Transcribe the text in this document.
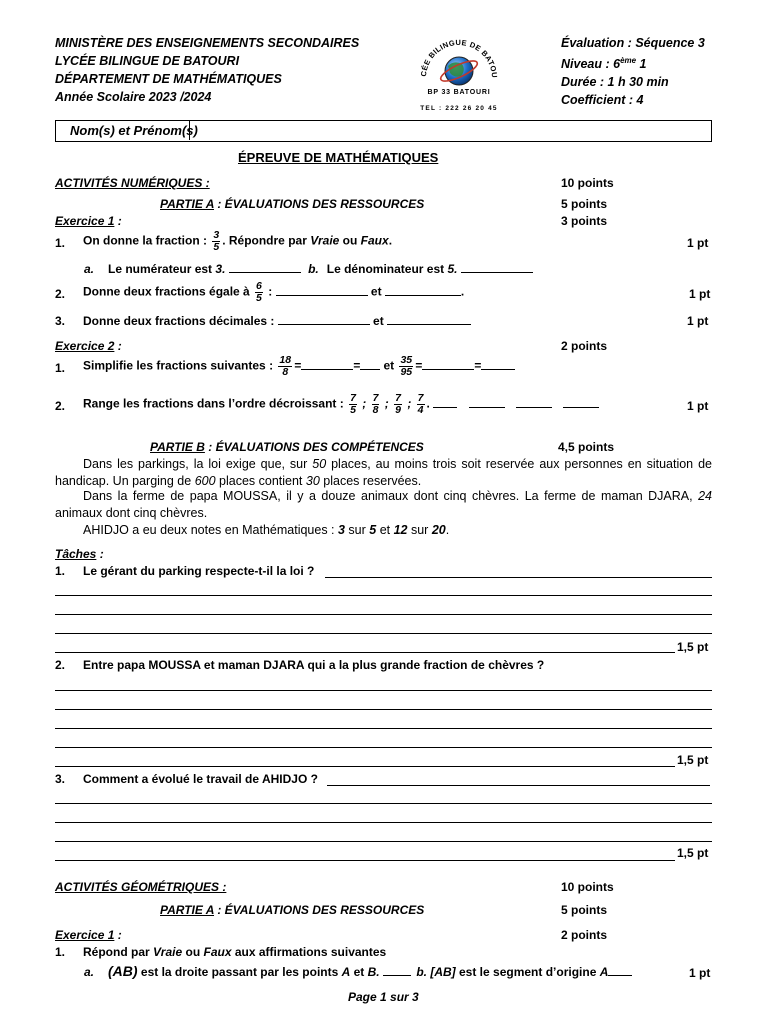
MINISTÈRE DES ENSEIGNEMENTS SECONDAIRES
LYCÉE BILINGUE DE BATOURI
DÉPARTEMENT DE MATHÉMATIQUES
Année Scolaire 2023 /2024
CÉE BILINGUE DE BATOU
BP 33 BATOURI
TEL : 222 26 20 45
Évaluation : Séquence 3
Niveau : 6ème 1
Durée : 1 h 30 min
Coefficient : 4
Nom(s) et Prénom(s)
ÉPREUVE DE MATHÉMATIQUES
ACTIVITÉS NUMÉRIQUES :	10 points
PARTIE A : ÉVALUATIONS DES RESSOURCES	5 points
Exercice 1 :	3 points
1. On donne la fraction : $\frac{3}{5}$ . Répondre par Vraie ou Faux.	1 pt
a. Le numérateur est 3.	b. Le dénominateur est 5.
2. Donne deux fractions égale à $\frac{6}{5}$ :	et	.	1 pt
3. Donne deux fractions décimales :	et	1 pt
Exercice 2 :	2 points
1. Simplifie les fractions suivantes : $\frac{18}{8}$ =	= et $\frac{35}{95}$ =	=
2. Range les fractions dans l’ordre décroissant : $\frac{7}{5}$ ; $\frac{7}{8}$ ; $\frac{7}{9}$ ; $\frac{7}{4}$ .	1 pt
PARTIE B : ÉVALUATIONS DES COMPÉTENCES	4,5 points
Dans les parkings, la loi exige que, sur 50 places, au moins trois soit reservée aux personnes en situation de handicap. Un parging de 600 places contient 30 places reservées.
Dans la ferme de papa MOUSSA, il y a douze animaux dont cinq chèvres. La ferme de maman DJARA, 24 animaux dont cinq chèvres.
AHIDJO a eu deux notes en Mathématiques : 3 sur 5 et 12 sur 20.
Tâches :
1. Le gérant du parking respecte-t-il la loi ?
1,5 pt
2. Entre papa MOUSSA et maman DJARA qui a la plus grande fraction de chèvres ?
1,5 pt
3. Comment a évolué le travail de AHIDJO ?
1,5 pt
ACTIVITÉS GÉOMÉTRIQUES :	10 points
PARTIE A : ÉVALUATIONS DES RESSOURCES	5 points
Exercice 1 :	2 points
1. Répond par Vraie ou Faux aux affirmations suivantes
a. (AB) est la droite passant par les points A et B.	b. [AB] est le segment d’origine A	1 pt
Page 1 sur 3
